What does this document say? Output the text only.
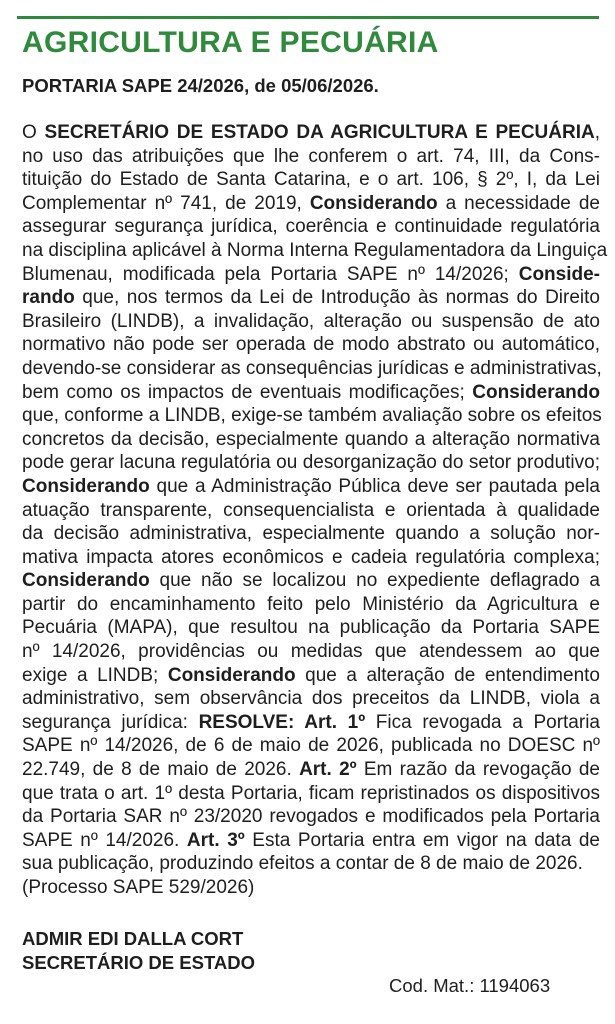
AGRICULTURA E PECUÁRIA
PORTARIA SAPE 24/2026, de 05/06/2026.
O SECRETÁRIO DE ESTADO DA AGRICULTURA E PECUÁRIA,
no uso das atribuições que lhe conferem o art. 74, III, da Cons-
tituição do Estado de Santa Catarina, e o art. 106, § 2º, I, da Lei
Complementar nº 741, de 2019, Considerando a necessidade de
assegurar segurança jurídica, coerência e continuidade regulatória
na disciplina aplicável à Norma Interna Regulamentadora da Linguiça
Blumenau, modificada pela Portaria SAPE nº 14/2026; Conside-
rando que, nos termos da Lei de Introdução às normas do Direito
Brasileiro (LINDB), a invalidação, alteração ou suspensão de ato
normativo não pode ser operada de modo abstrato ou automático,
devendo-se considerar as consequências jurídicas e administrativas,
bem como os impactos de eventuais modificações; Considerando
que, conforme a LINDB, exige-se também avaliação sobre os efeitos
concretos da decisão, especialmente quando a alteração normativa
pode gerar lacuna regulatória ou desorganização do setor produtivo;
Considerando que a Administração Pública deve ser pautada pela
atuação transparente, consequencialista e orientada à qualidade
da decisão administrativa, especialmente quando a solução nor-
mativa impacta atores econômicos e cadeia regulatória complexa;
Considerando que não se localizou no expediente deflagrado a
partir do encaminhamento feito pelo Ministério da Agricultura e
Pecuária (MAPA), que resultou na publicação da Portaria SAPE
nº 14/2026, providências ou medidas que atendessem ao que
exige a LINDB; Considerando que a alteração de entendimento
administrativo, sem observância dos preceitos da LINDB, viola a
segurança jurídica: RESOLVE: Art. 1º Fica revogada a Portaria
SAPE nº 14/2026, de 6 de maio de 2026, publicada no DOESC nº
22.749, de 8 de maio de 2026. Art. 2º Em razão da revogação de
que trata o art. 1º desta Portaria, ficam repristinados os dispositivos
da Portaria SAR nº 23/2020 revogados e modificados pela Portaria
SAPE nº 14/2026. Art. 3º Esta Portaria entra em vigor na data de
sua publicação, produzindo efeitos a contar de 8 de maio de 2026.
(Processo SAPE 529/2026)
ADMIR EDI DALLA CORT
SECRETÁRIO DE ESTADO
Cod. Mat.: 1194063
